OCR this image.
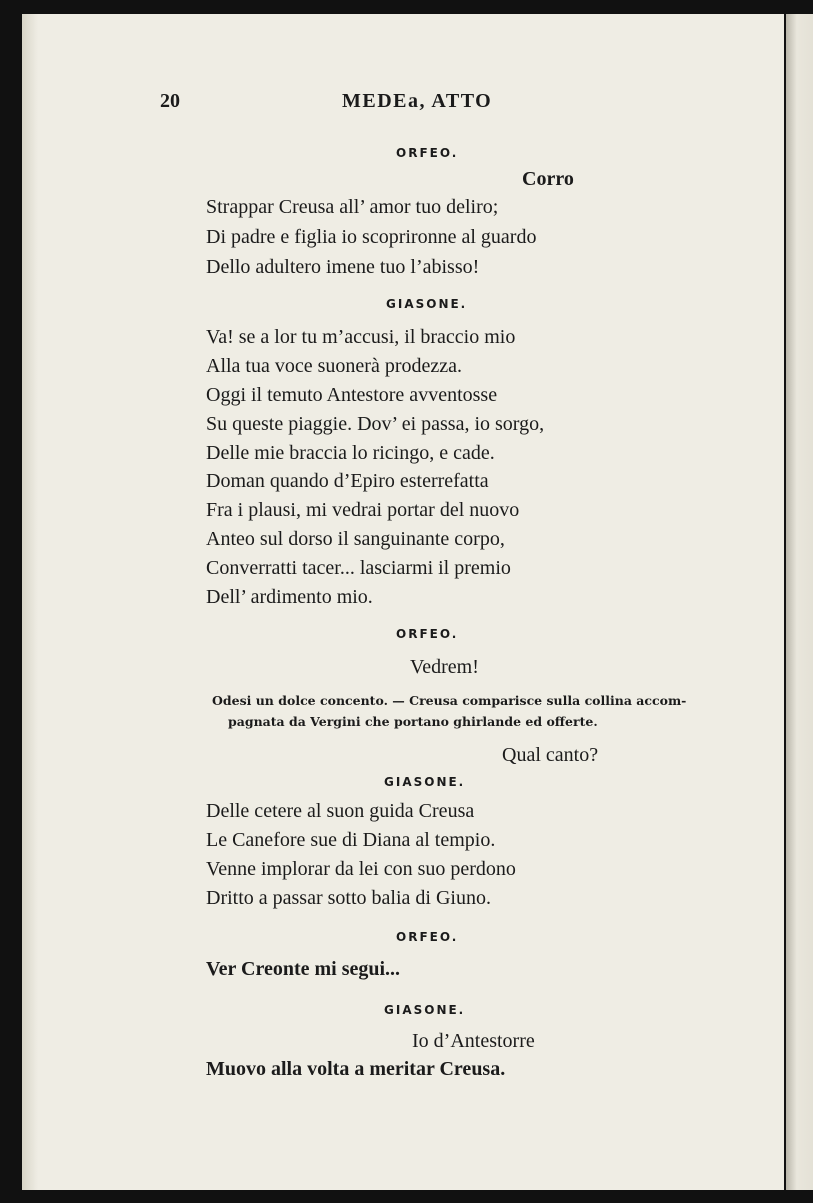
20	MEDEa, ATTO
ORFEO.
Corro
Strappar Creusa all’ amor tuo deliro;
Di padre e figlia io scoprironne al guardo
Dello adultero imene tuo l’abisso!
GIASONE.
Va! se a lor tu m’accusi, il braccio mio
Alla tua voce suonerà prodezza.
Oggi il temuto Antestore avventosse
Su queste piaggie. Dov’ ei passa, io sorgo,
Delle mie braccia lo ricingo, e cade.
Doman quando d’Epiro esterrefatta
Fra i plausi, mi vedrai portar del nuovo
Anteo sul dorso il sanguinante corpo,
Converratti tacer... lasciarmi il premio
Dell’ ardimento mio.
ORFEO.
Vedrem!
Odesi un dolce concento. — Creusa comparisce sulla collina accom-
pagnata da Vergini che portano ghirlande ed offerte.
Qual canto?
GIASONE.
Delle cetere al suon guida Creusa
Le Canefore sue di Diana al tempio.
Venne implorar da lei con suo perdono
Dritto a passar sotto balia di Giuno.
ORFEO.
Ver Creonte mi segui...
GIASONE.
Io d’Antestorre
Muovo alla volta a meritar Creusa.
